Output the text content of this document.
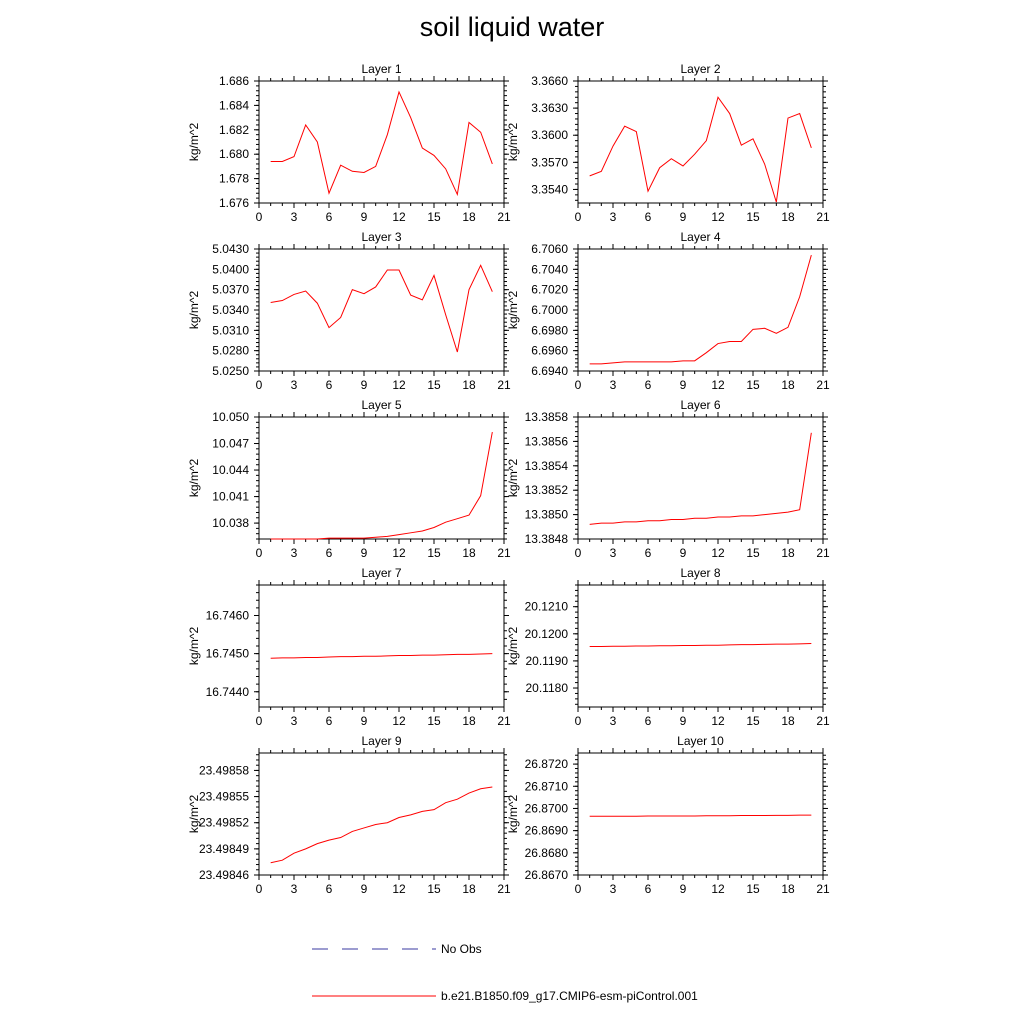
soil liquid water
Layer 1
kg/m^2
0 3 6 9 12 15 18 21
1.676
1.678
1.680
1.682
1.684
1.686
Layer 2
kg/m^2
0 3 6 9 12 15 18 21
3.3540
3.3570
3.3600
3.3630
3.3660
Layer 3
kg/m^2
0 3 6 9 12 15 18 21
5.0250
5.0280
5.0310
5.0340
5.0370
5.0400
5.0430
Layer 4
kg/m^2
0 3 6 9 12 15 18 21
6.6940
6.6960
6.6980
6.7000
6.7020
6.7040
6.7060
Layer 5
kg/m^2
0 3 6 9 12 15 18 21
10.038
10.041
10.044
10.047
10.050
Layer 6
kg/m^2
0 3 6 9 12 15 18 21
13.3848
13.3850
13.3852
13.3854
13.3856
13.3858
Layer 7
kg/m^2
0 3 6 9 12 15 18 21
16.7440
16.7450
16.7460
Layer 8
kg/m^2
0 3 6 9 12 15 18 21
20.1180
20.1190
20.1200
20.1210
Layer 9
kg/m^2
0 3 6 9 12 15 18 21
23.49846
23.49849
23.49852
23.49855
23.49858
Layer 10
kg/m^2
0 3 6 9 12 15 18 21
26.8670
26.8680
26.8690
26.8700
26.8710
26.8720
No Obs
b.e21.B1850.f09_g17.CMIP6-esm-piControl.001
